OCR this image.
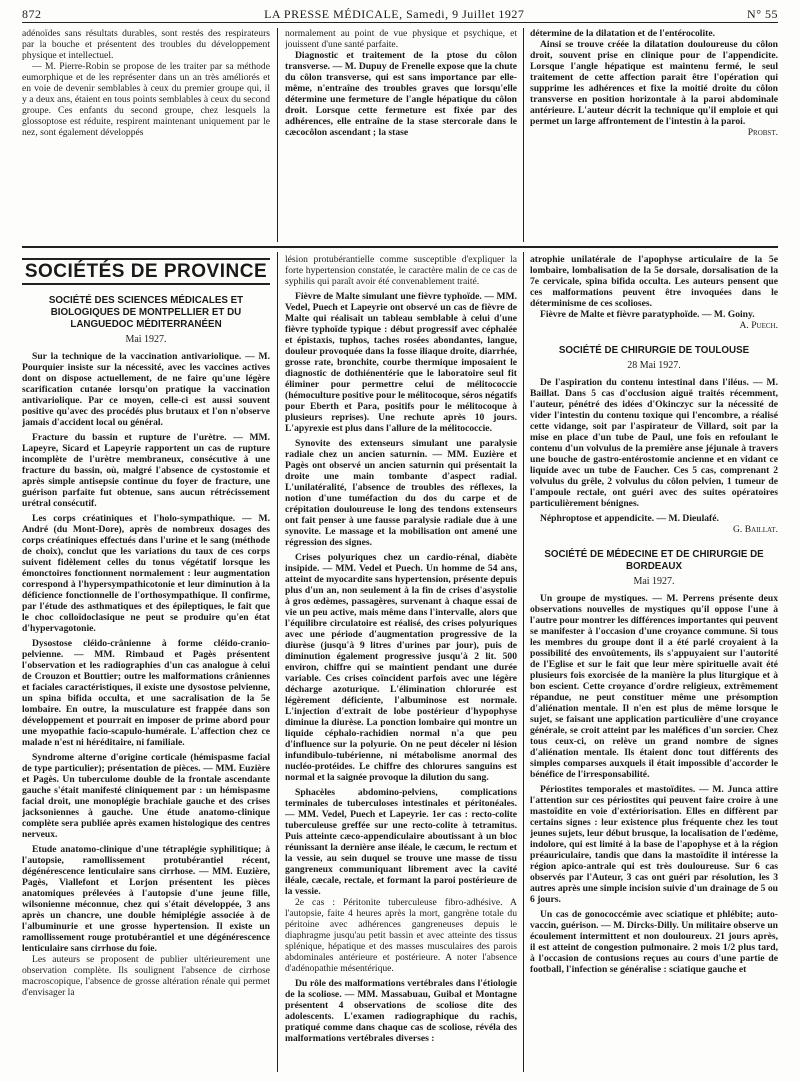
872	LA PRESSE MÉDICALE, Samedi, 9 Juillet 1927	N° 55

adénoïdes sans résultats durables, sont restés des respirateurs par la bouche et présentent des troubles du développement physique et intellectuel.

— M. Pierre-Robin se propose de les traiter par sa méthode eumorphique et de les représenter dans un an très améliorés et en voie de devenir semblables à ceux du premier groupe qui, il y a deux ans, étaient en tous points semblables à ceux du second groupe. Ces enfants du second groupe, chez lesquels la glossoptose est réduite, respirent maintenant uniquement par le nez, sont également développés

normalement au point de vue physique et psychique, et jouissent d'une santé parfaite.

Diagnostic et traitement de la ptose du côlon transverse. — M. Dupuy de Frenelle expose que la chute du côlon transverse, qui est sans importance par elle-même, n'entraîne des troubles graves que lorsqu'elle détermine une fermeture de l'angle hépatique du côlon droit. Lorsque cette fermeture est fixée par des adhérences, elle entraîne de la stase stercorale dans le cæcocôlon ascendant ; la stase

détermine de la dilatation et de l'entérocolite.

Ainsi se trouve créée la dilatation douloureuse du côlon droit, souvent prise en clinique pour de l'appendicite. Lorsque l'angle hépatique est maintenu fermé, le seul traitement de cette affection parait être l'opération qui supprime les adhérences et fixe la moitié droite du côlon transverse en position horizontale à la paroi abdominale antérieure. L'auteur décrit la technique qu'il emploie et qui permet un large affrontement de l'intestin à la paroi.

Probst.

SOCIÉTÉS DE PROVINCE
SOCIÉTÉ DES SCIENCES MÉDICALES ET BIOLOGIQUES DE MONTPELLIER ET DU LANGUEDOC MÉDITERRANÉEN
Mai 1927.

Sur la technique de la vaccination antivariolique. — M. Pourquier insiste sur la nécessité, avec les vaccines actives dont on dispose actuellement, de ne faire qu'une légère scarification cutanée lorsqu'on pratique la vaccination antivariolique. Par ce moyen, celle-ci est aussi souvent positive qu'avec des procédés plus brutaux et l'on n'observe jamais d'accident local ou général.

Fracture du bassin et rupture de l'urètre. — MM. Lapeyre, Sicard et Lapeyrie rapportent un cas de rupture incomplète de l'urètre membraneux, consécutive à une fracture du bassin, où, malgré l'absence de cystostomie et après simple antisepsie continue du foyer de fracture, une guérison parfaite fut obtenue, sans aucun rétrécissement urétral consécutif.

Les corps créatiniques et l'holo-sympathique. — M. André (du Mont-Dore), après de nombreux dosages des corps créatiniques effectués dans l'urine et le sang (méthode de choix), conclut que les variations du taux de ces corps suivent fidèlement celles du tonus végétatif lorsque les émonctoires fonctionnent normalement : leur augmentation correspond à l'hypersympathicotonie et leur diminution à la déficience fonctionnelle de l'orthosympathique. Il confirme, par l'étude des asthmatiques et des épileptiques, le fait que le choc colloïdoclasique ne peut se produire qu'en état d'hypervagotonie.

Dysostose cléido-crânienne à forme cléido-cranio-pelvienne. — MM. Rimbaud et Pagès présentent l'observation et les radiographies d'un cas analogue à celui de Crouzon et Bouttier; outre les malformations crâniennes et faciales caractéristiques, il existe une dysostose pelvienne, un spina bifida occulta, et une sacralisation de la 5e lombaire. En outre, la musculature est frappée dans son développement et pourrait en imposer de prime abord pour une myopathie facio-scapulo-humérale. L'affection chez ce malade n'est ni héréditaire, ni familiale.

Syndrome alterne d'origine corticale (hémispasme facial de type particulier); présentation de pièces. — MM. Euzière et Pagès. Un tuberculome double de la frontale ascendante gauche s'était manifesté cliniquement par : un hémispasme facial droit, une monoplégie brachiale gauche et des crises jacksoniennes à gauche. Une étude anatomo-clinique complète sera publiée après examen histologique des centres nerveux.

Etude anatomo-clinique d'une tétraplégie syphilitique; à l'autopsie, ramollissement protubérantiel récent, dégénérescence lenticulaire sans cirrhose. — MM. Euzière, Pagès, Viallefont et Lorjon présentent les pièces anatomiques prélevées à l'autopsie d'une jeune fille, wilsonienne méconnue, chez qui s'était développée, 3 ans après un chancre, une double hémiplégie associée à de l'albuminurie et une grosse hypertension. Il existe un ramollissement rouge protubérantiel et une dégénérescence lenticulaire sans cirrhose du foie.

Les auteurs se proposent de publier ultérieurement une observation complète. Ils soulignent l'absence de cirrhose macroscopique, l'absence de grosse altération rénale qui permet d'envisager la

lésion protubérantielle comme susceptible d'expliquer la forte hypertension constatée, le caractère malin de ce cas de syphilis qui paraît avoir été convenablement traité.

Fièvre de Malte simulant une fièvre typhoïde. — MM. Vedel, Puech et Lapeyrie ont observé un cas de fièvre de Malte qui réalisait un tableau semblable à celui d'une fièvre typhoïde typique : début progressif avec céphalée et épistaxis, tuphos, taches rosées abondantes, langue, douleur provoquée dans la fosse iliaque droite, diarrhée, grosse rate, bronchite, courbe thermique imposaient le diagnostic de dothiénentérie que le laboratoire seul fit éliminer pour permettre celui de mélitococcie (hémoculture positive pour le mélitocoque, séros négatifs pour Eberth et Para, positifs pour le mélitocoque à plusieurs reprises). Une rechute après 10 jours. L'apyrexie est plus dans l'allure de la mélitococcie.

Synovite des extenseurs simulant une paralysie radiale chez un ancien saturnin. — MM. Euzière et Pagès ont observé un ancien saturnin qui présentait la droite une main tombante d'aspect radial. L'unilatéralité, l'absence de troubles des réflexes, la notion d'une tuméfaction du dos du carpe et de crépitation douloureuse le long des tendons extenseurs ont fait penser à une fausse paralysie radiale due à une synovite. Le massage et la mobilisation ont amené une régression des signes.

Crises polyuriques chez un cardio-rénal, diabète insipide. — MM. Vedel et Puech. Un homme de 54 ans, atteint de myocardite sans hypertension, présente depuis plus d'un an, non seulement à la fin de crises d'asystolie à gros œdèmes, passagères, survenant à chaque essai de vie un peu active, mais même dans l'intervalle, alors que l'équilibre circulatoire est réalisé, des crises polyuriques avec une période d'augmentation progressive de la diurèse (jusqu'à 9 litres d'urines par jour), puis de diminution également progressive jusqu'à 2 lit. 500 environ, chiffre qui se maintient pendant une durée variable. Ces crises coïncident parfois avec une légère décharge azoturique. L'élimination chlorurée est légèrement déficiente, l'albuminose est normale. L'injection d'extrait de lobe postérieur d'hypophyse diminue la diurèse. La ponction lombaire qui montre un liquide céphalo-rachidien normal n'a que peu d'influence sur la polyurie. On ne peut déceler ni lésion infundibulo-tubérienne, ni métabolisme anormal des nucléo-protéides. Le chiffre des chlorures sanguins est normal et la saignée provoque la dilution du sang.

Sphacèles abdomino-pelviens, complications terminales de tuberculoses intestinales et péritonéales. — MM. Vedel, Puech et Lapeyrie. 1er cas : recto-colite tuberculeuse greffée sur une recto-colite à tetramitus. Puis atteinte cæco-appendiculaire aboutissant à un bloc réunissant la dernière anse iléale, le cæcum, le rectum et la vessie, au sein duquel se trouve une masse de tissu gangreneux communiquant librement avec la cavité iléale, cæcale, rectale, et formant la paroi postérieure de la vessie.

2e cas : Péritonite tuberculeuse fibro-adhésive. A l'autopsie, faite 4 heures après la mort, gangrène totale du péritoine avec adhérences gangreneuses depuis le diaphragme jusqu'au petit bassin et avec atteinte des tissus splénique, hépatique et des masses musculaires des parois abdominales antérieure et postérieure. A noter l'absence d'adénopathie mésentérique.

Du rôle des malformations vertébrales dans l'étiologie de la scoliose. — MM. Massabuau, Guibal et Montagne présentent 4 observations de scoliose dite des adolescents. L'examen radiographique du rachis, pratiqué comme dans chaque cas de scoliose, révéla des malformations vertébrales diverses :

atrophie unilatérale de l'apophyse articulaire de la 5e lombaire, lombalisation de la 5e dorsale, dorsalisation de la 7e cervicale, spina bifida occulta. Les auteurs pensent que ces malformations peuvent être invoquées dans le déterminisme de ces scolioses.

Fièvre de Malte et fièvre paratyphoïde. — M. Goiny.

A. Puech.

SOCIÉTÉ DE CHIRURGIE DE TOULOUSE
28 Mai 1927.

De l'aspiration du contenu intestinal dans l'iléus. — M. Baillat. Dans 5 cas d'occlusion aiguë traités récemment, l'auteur, pénétré des idées d'Okinczyc sur la nécessité de vider l'intestin du contenu toxique qui l'encombre, a réalisé cette vidange, soit par l'aspirateur de Villard, soit par la mise en place d'un tube de Paul, une fois en refoulant le contenu d'un volvulus de la première anse jéjunale à travers une bouche de gastro-entérostomie ancienne et en vidant ce liquide avec un tube de Faucher. Ces 5 cas, comprenant 2 volvulus du grêle, 2 volvulus du côlon pelvien, 1 tumeur de l'ampoule rectale, ont guéri avec des suites opératoires particulièrement bénignes.

Néphroptose et appendicite. — M. Dieulafé.

G. Baillat.

SOCIÉTÉ DE MÉDECINE ET DE CHIRURGIE DE BORDEAUX
Mai 1927.

Un groupe de mystiques. — M. Perrens présente deux observations nouvelles de mystiques qu'il oppose l'une à l'autre pour montrer les différences importantes qui peuvent se manifester à l'occasion d'une croyance commune. Si tous les membres du groupe dont il a été parlé croyaient à la possibilité des envoûtements, ils s'appuyaient sur l'autorité de l'Eglise et sur le fait que leur mère spirituelle avait été plusieurs fois exorcisée de la manière la plus liturgique et à bon escient. Cette croyance d'ordre religieux, extrêmement répandue, ne peut constituer même une présomption d'aliénation mentale. Il n'en est plus de même lorsque le sujet, se faisant une application particulière d'une croyance générale, se croit atteint par les maléfices d'un sorcier. Chez tous ceux-ci, on relève un grand nombre de signes d'aliénation mentale. Ils étaient donc tout différents des simples comparses auxquels il était impossible d'accorder le bénéfice de l'irresponsabilité.

Périostites temporales et mastoïdites. — M. Junca attire l'attention sur ces périostites qui peuvent faire croire à une mastoïdite en voie d'extériorisation. Elles en diffèrent par certains signes : leur existence plus fréquente chez les tout jeunes sujets, leur début brusque, la localisation de l'œdème, indolore, qui est limité à la base de l'apophyse et à la région préauriculaire, tandis que dans la mastoïdite il intéresse la région apico-antrale qui est très douloureuse. Sur 6 cas observés par l'Auteur, 3 cas ont guéri par résolution, les 3 autres après une simple incision suivie d'un drainage de 5 ou 6 jours.

Un cas de gonococcémie avec sciatique et phlébite; auto-vaccin, guérison. — M. Dircks-Dilly. Un militaire observe un écoulement intermittent et non douloureux. 21 jours après, il est atteint de congestion pulmonaire. 2 mois 1/2 plus tard, à l'occasion de contusions reçues au cours d'une partie de football, l'infection se généralise : sciatique gauche et
